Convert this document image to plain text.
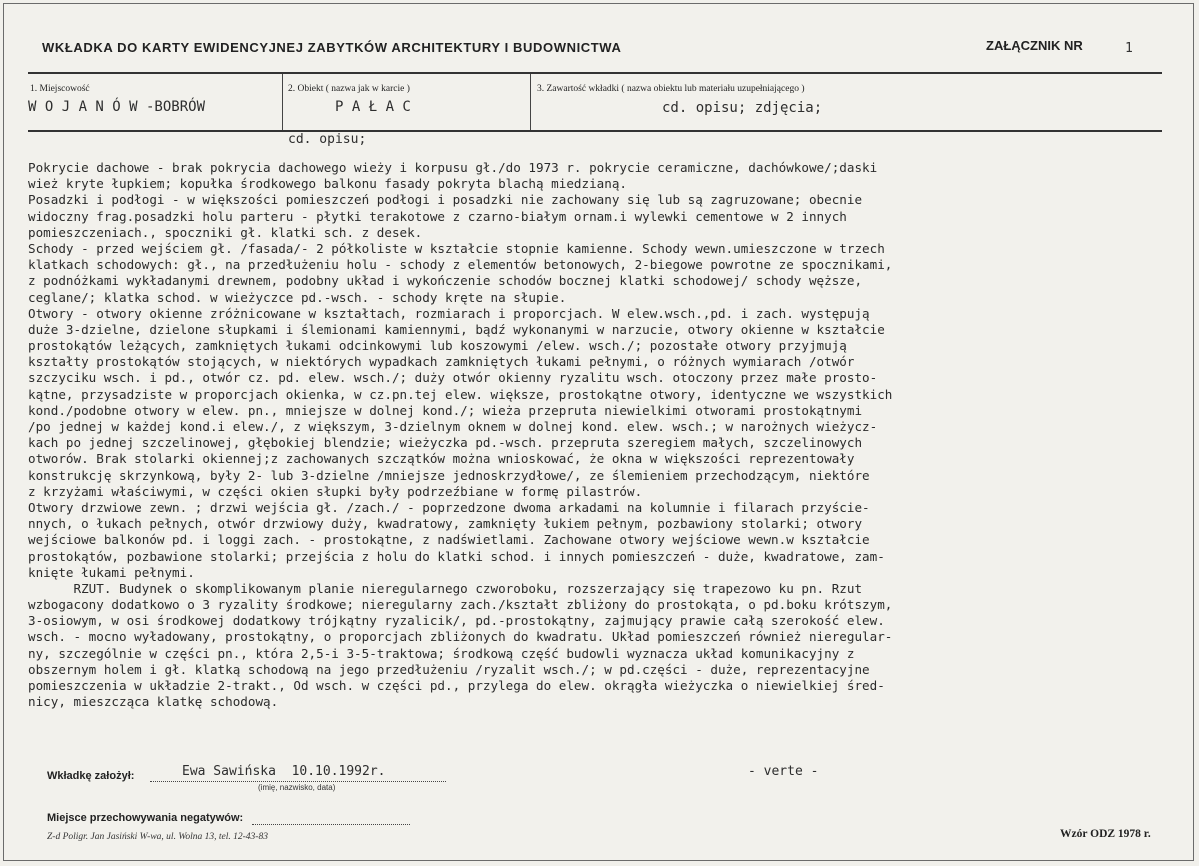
WKŁADKA DO KARTY EWIDENCYJNEJ ZABYTKÓW ARCHITEKTURY I BUDOWNICTWA	ZAŁĄCZNIK NR	1
1. Miejscowość	2. Obiekt ( nazwa jak w karcie )	3. Zawartość wkładki ( nazwa obiektu lub materiału uzupełniającego )
W O J A N Ó W -BOBRÓW	P A Ł A C	cd. opisu; zdjęcia;
cd. opisu;
Pokrycie dachowe - brak pokrycia dachowego wieży i korpusu gł./do 1973 r. pokrycie ceramiczne, dachówkowe/;daski
wież kryte łupkiem; kopułka środkowego balkonu fasady pokryta blachą miedzianą.
Posadzki i podłogi - w większości pomieszczeń podłogi i posadzki nie zachowany się lub są zagruzowane; obecnie
widoczny frag.posadzki holu parteru - płytki terakotowe z czarno-białym ornam.i wylewki cementowe w 2 innych
pomieszczeniach., spoczniki gł. klatki sch. z desek.
Schody - przed wejściem gł. /fasada/- 2 półkoliste w kształcie stopnie kamienne. Schody wewn.umieszczone w trzech
klatkach schodowych: gł., na przedłużeniu holu - schody z elementów betonowych, 2-biegowe powrotne ze spocznikami,
z podnóżkami wykładanymi drewnem, podobny układ i wykończenie schodów bocznej klatki schodowej/ schody węższe,
ceglane/; klatka schod. w wieżyczce pd.-wsch. - schody kręte na słupie.
Otwory - otwory okienne zróżnicowane w kształtach, rozmiarach i proporcjach. W elew.wsch.,pd. i zach. występują
duże 3-dzielne, dzielone słupkami i ślemionami kamiennymi, bądź wykonanymi w narzucie, otwory okienne w kształcie
prostokątów leżących, zamkniętych łukami odcinkowymi lub koszowymi /elew. wsch./; pozostałe otwory przyjmują
kształty prostokątów stojących, w niektórych wypadkach zamkniętych łukami pełnymi, o różnych wymiarach /otwór
szczyciku wsch. i pd., otwór cz. pd. elew. wsch./; duży otwór okienny ryzalitu wsch. otoczony przez małe prosto-
kątne, przysadziste w proporcjach okienka, w cz.pn.tej elew. większe, prostokątne otwory, identyczne we wszystkich
kond./podobne otwory w elew. pn., mniejsze w dolnej kond./; wieża przepruta niewielkimi otworami prostokątnymi
/po jednej w każdej kond.i elew./, z większym, 3-dzielnym oknem w dolnej kond. elew. wsch.; w narożnych wieżycz-
kach po jednej szczelinowej, głębokiej blendzie; wieżyczka pd.-wsch. przepruta szeregiem małych, szczelinowych
otworów. Brak stolarki okiennej;z zachowanych szczątków można wnioskować, że okna w większości reprezentowały
konstrukcję skrzynkową, były 2- lub 3-dzielne /mniejsze jednoskrzydłowe/, ze ślemieniem przechodzącym, niektóre
z krzyżami właściwymi, w części okien słupki były podrzeźbiane w formę pilastrów.
Otwory drzwiowe zewn. ; drzwi wejścia gł. /zach./ - poprzedzone dwoma arkadami na kolumnie i filarach przyście-
nnych, o łukach pełnych, otwór drzwiowy duży, kwadratowy, zamknięty łukiem pełnym, pozbawiony stolarki; otwory
wejściowe balkonów pd. i loggi zach. - prostokątne, z nadświetlami. Zachowane otwory wejściowe wewn.w kształcie
prostokątów, pozbawione stolarki; przejścia z holu do klatki schod. i innych pomieszczeń - duże, kwadratowe, zam-
knięte łukami pełnymi.
RZUT. Budynek o skomplikowanym planie nieregularnego czworoboku, rozszerzający się trapezowo ku pn. Rzut
wzbogacony dodatkowo o 3 ryzality środkowe; nieregularny zach./kształt zbliżony do prostokąta, o pd.boku krótszym,
3-osiowym, w osi środkowej dodatkowy trójkątny ryzalicik/, pd.-prostokątny, zajmujący prawie całą szerokość elew.
wsch. - mocno wyładowany, prostokątny, o proporcjach zbliżonych do kwadratu. Układ pomieszczeń również nieregular-
ny, szczególnie w części pn., która 2,5-i 3-5-traktowa; środkową część budowli wyznacza układ komunikacyjny z
obszernym holem i gł. klatką schodową na jego przedłużeniu /ryzalit wsch./; w pd.części - duże, reprezentacyjne
pomieszczenia w układzie 2-trakt., Od wsch. w części pd., przylega do elew. okrągła wieżyczka o niewielkiej śred-
nicy, mieszcząca klatkę schodową.
Wkładkę założył:	Ewa Sawińska  10.10.1992r.
(imię, nazwisko, data)
- verte -
Miejsce przechowywania negatywów:
Z-d Poligr. Jan Jasiński W-wa, ul. Wolna 13, tel. 12-43-83	Wzór ODZ 1978 r.
